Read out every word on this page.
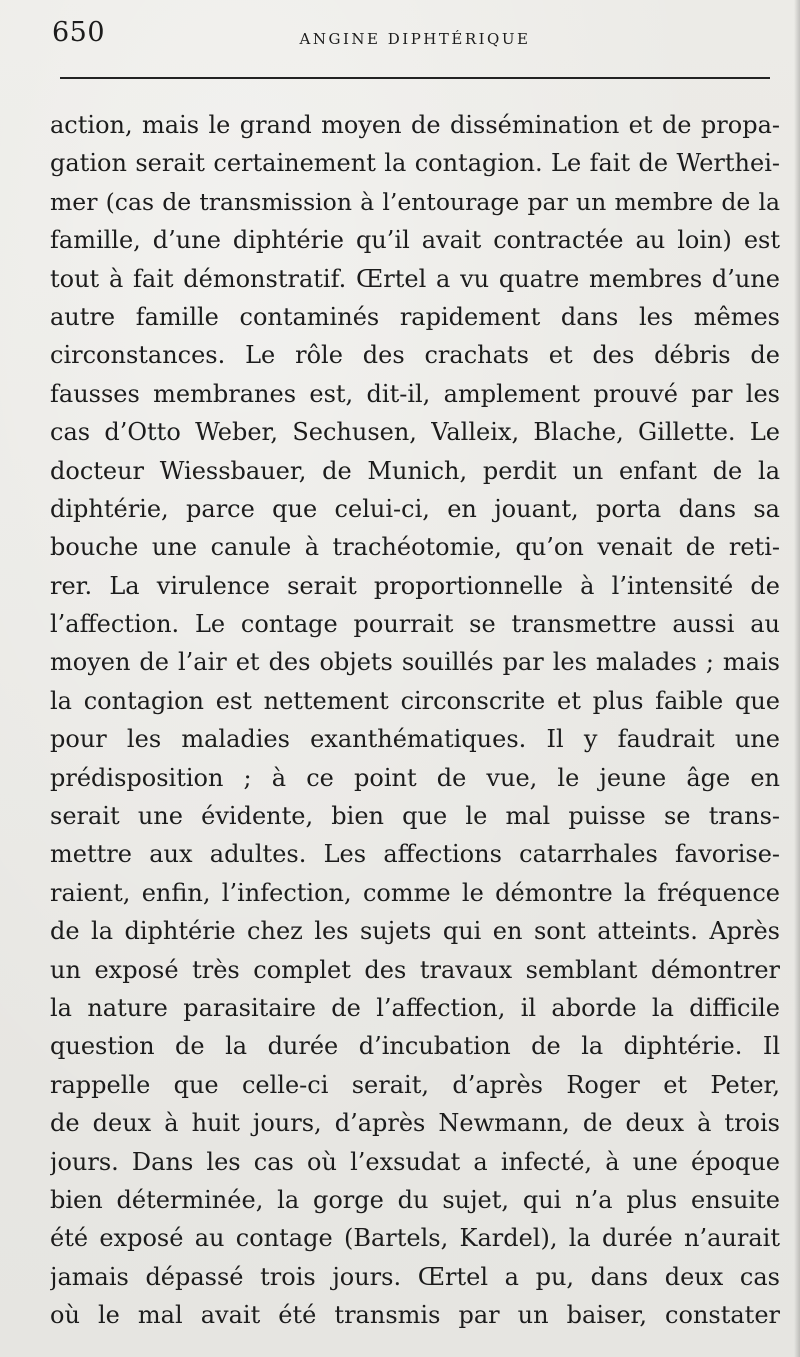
650	ANGINE DIPHTÉRIQUE
action, mais le grand moyen de dissémination et de propa-
gation serait certainement la contagion. Le fait de Werthei-
mer (cas de transmission à l’entourage par un membre de la
famille, d’une diphtérie qu’il avait contractée au loin) est
tout à fait démonstratif. Œrtel a vu quatre membres d’une
autre famille contaminés rapidement dans les mêmes
circonstances. Le rôle des crachats et des débris de
fausses membranes est, dit-il, amplement prouvé par les
cas d’Otto Weber, Sechusen, Valleix, Blache, Gillette. Le
docteur Wiessbauer, de Munich, perdit un enfant de la
diphtérie, parce que celui-ci, en jouant, porta dans sa
bouche une canule à trachéotomie, qu’on venait de reti-
rer. La virulence serait proportionnelle à l’intensité de
l’affection. Le contage pourrait se transmettre aussi au
moyen de l’air et des objets souillés par les malades ; mais
la contagion est nettement circonscrite et plus faible que
pour les maladies exanthématiques. Il y faudrait une
prédisposition ; à ce point de vue, le jeune âge en
serait une évidente, bien que le mal puisse se trans-
mettre aux adultes. Les affections catarrhales favorise-
raient, enfin, l’infection, comme le démontre la fréquence
de la diphtérie chez les sujets qui en sont atteints. Après
un exposé très complet des travaux semblant démontrer
la nature parasitaire de l’affection, il aborde la difficile
question de la durée d’incubation de la diphtérie. Il
rappelle que celle-ci serait, d’après Roger et Peter,
de deux à huit jours, d’après Newmann, de deux à trois
jours. Dans les cas où l’exsudat a infecté, à une époque
bien déterminée, la gorge du sujet, qui n’a plus ensuite
été exposé au contage (Bartels, Kardel), la durée n’aurait
jamais dépassé trois jours. Œrtel a pu, dans deux cas
où le mal avait été transmis par un baiser, constater
